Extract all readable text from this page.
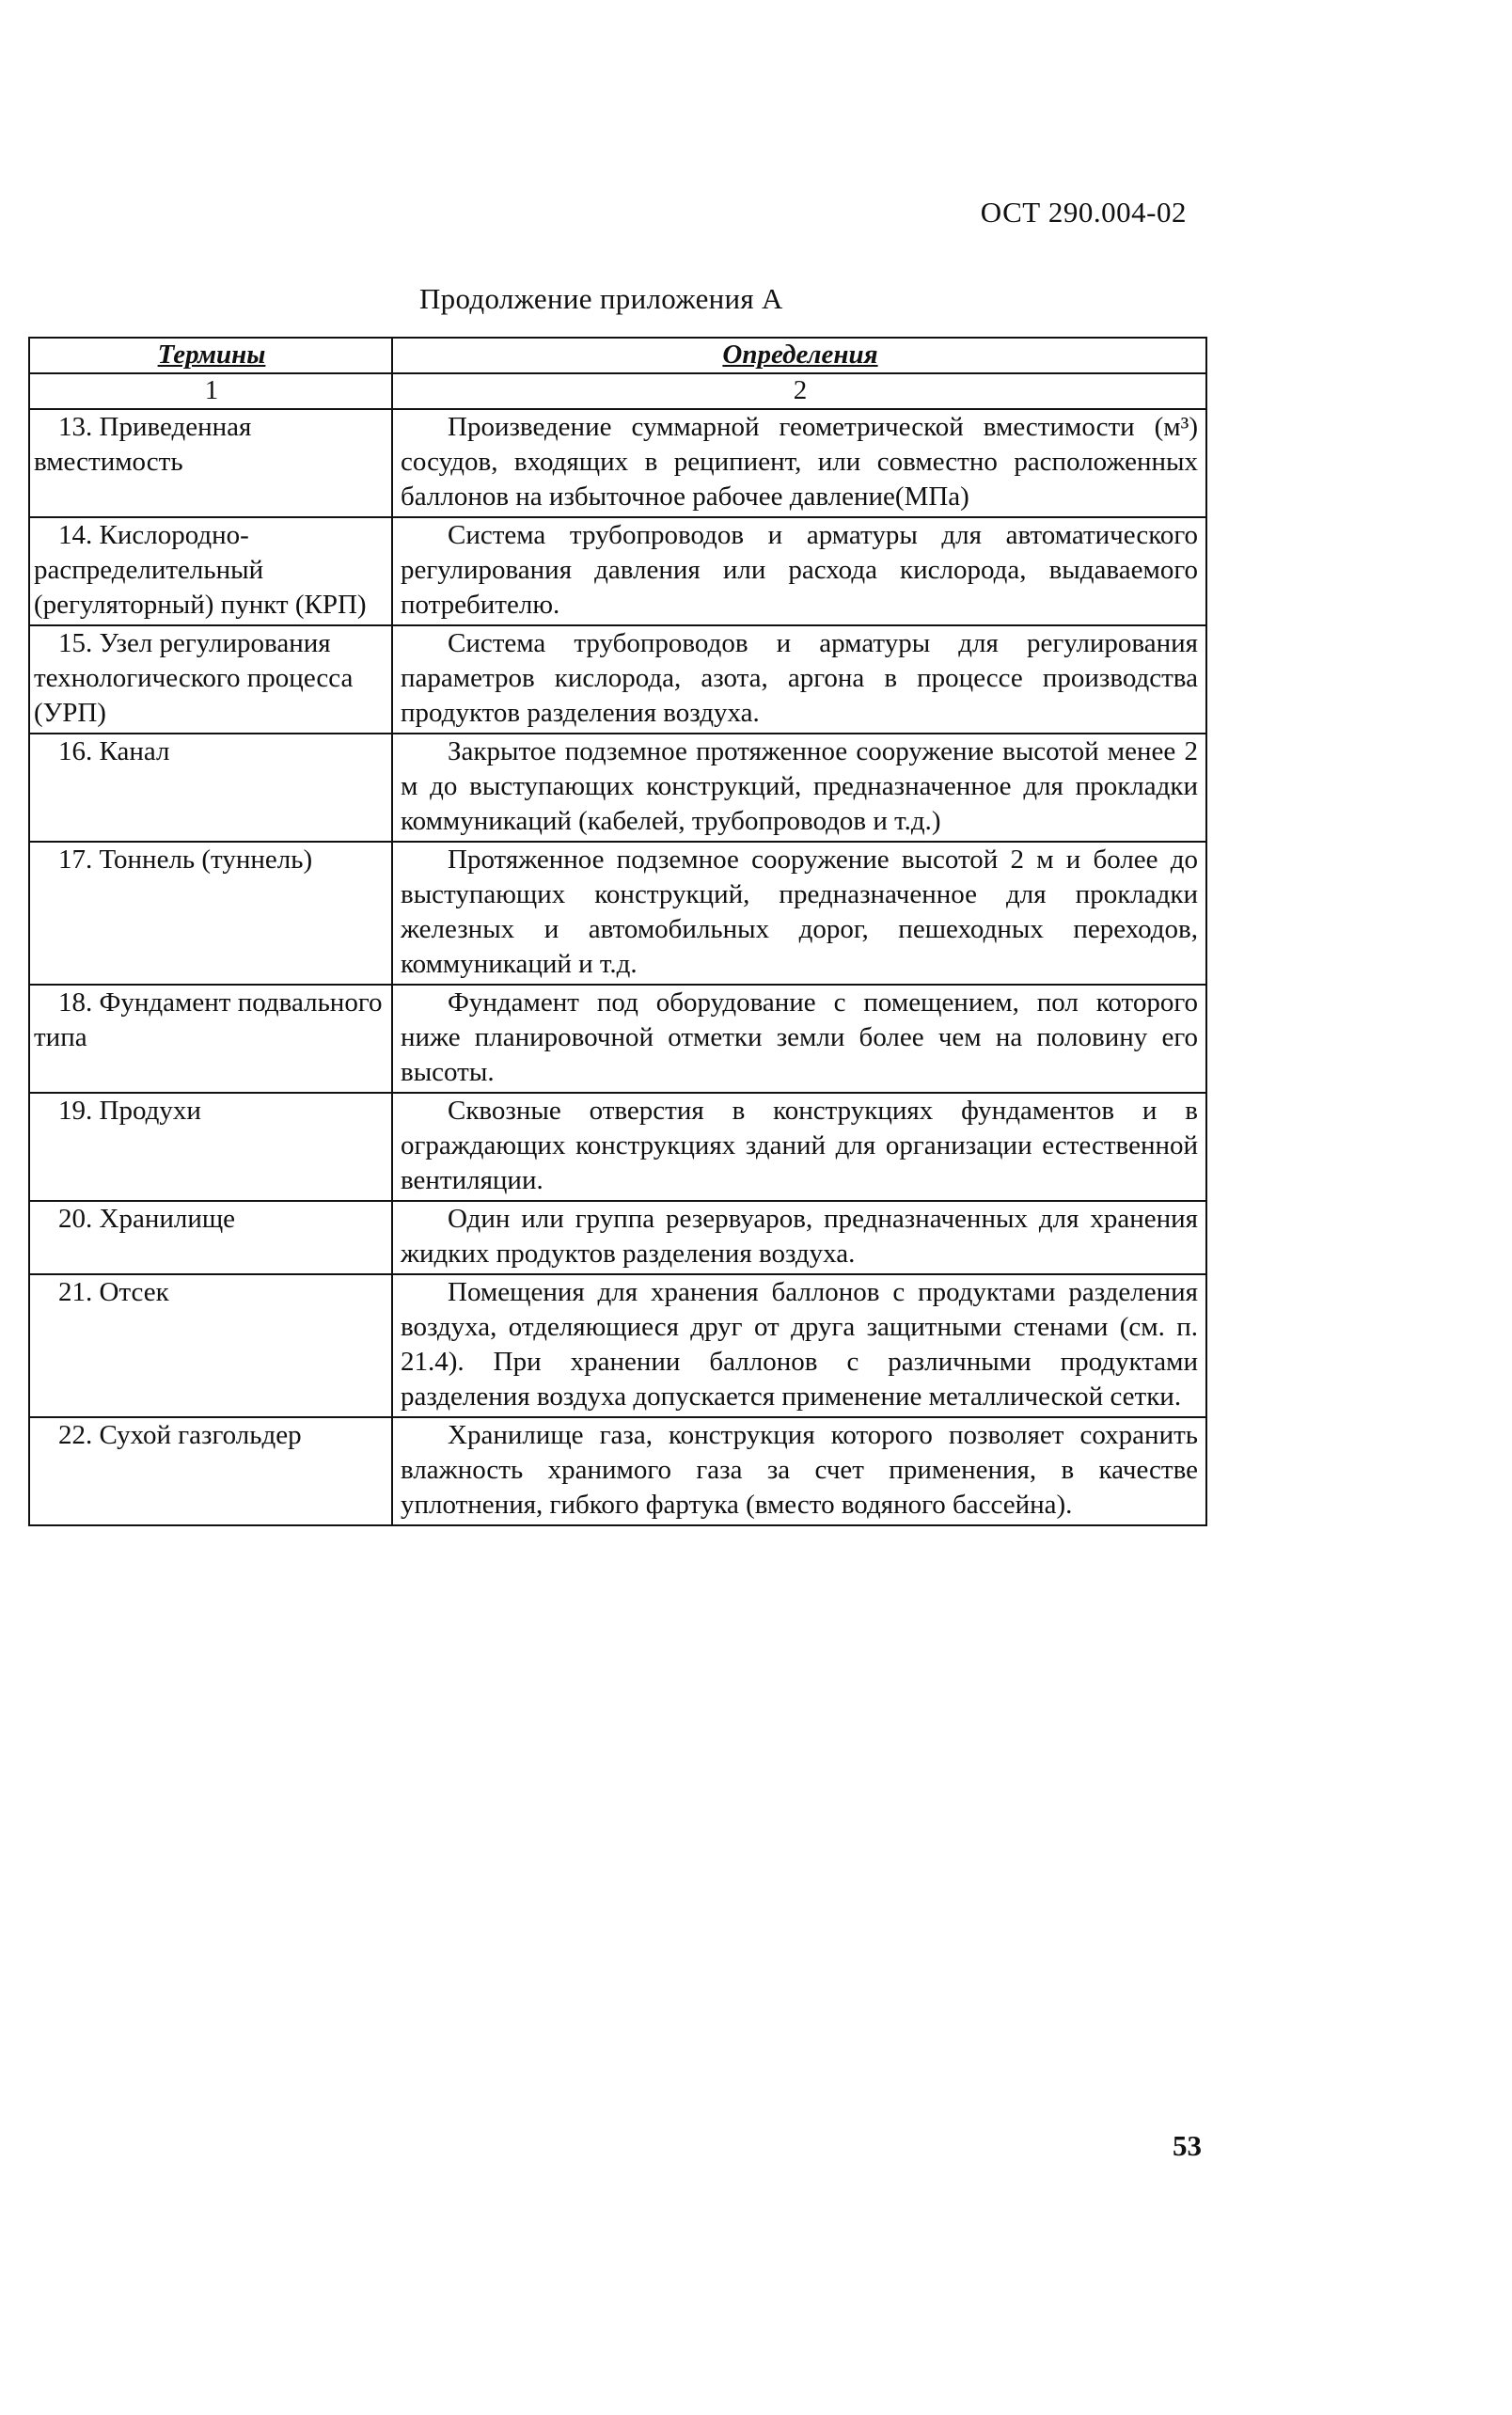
ОСТ 290.004-02
Продолжение приложения А
Термины	Определения
1	2
13. Приведенная вместимость	Произведение суммарной геометрической вместимости (м³) сосудов, входящих в реципиент, или совместно расположенных баллонов на избыточное рабочее давление(МПа)
14. Кислородно-распределительный (регуляторный) пункт (КРП)	Система трубопроводов и арматуры для автоматического регулирования давления или расхода кислорода, выдаваемого потребителю.
15. Узел регулирования технологического процесса (УРП)	Система трубопроводов и арматуры для регулирования параметров кислорода, азота, аргона в процессе производства продуктов разделения воздуха.
16. Канал	Закрытое подземное протяженное сооружение высотой менее 2 м до выступающих конструкций, предназначенное для прокладки коммуникаций (кабелей, трубопроводов и т.д.)
17. Тоннель (туннель)	Протяженное подземное сооружение высотой 2 м и более до выступающих конструкций, предназначенное для прокладки железных и автомобильных дорог, пешеходных переходов, коммуникаций и т.д.
18. Фундамент подвального типа	Фундамент под оборудование с помещением, пол которого ниже планировочной отметки земли более чем на половину его высоты.
19. Продухи	Сквозные отверстия в конструкциях фундаментов и в ограждающих конструкциях зданий для организации естественной вентиляции.
20. Хранилище	Один или группа резервуаров, предназначенных для хранения жидких продуктов разделения воздуха.
21. Отсек	Помещения для хранения баллонов с продуктами разделения воздуха, отделяющиеся друг от друга защитными стенами (см. п. 21.4). При хранении баллонов с различными продуктами разделения воздуха допускается применение металлической сетки.
22. Сухой газгольдер	Хранилище газа, конструкция которого позволяет сохранить влажность хранимого газа за счет применения, в качестве уплотнения, гибкого фартука (вместо водяного бассейна).
53
